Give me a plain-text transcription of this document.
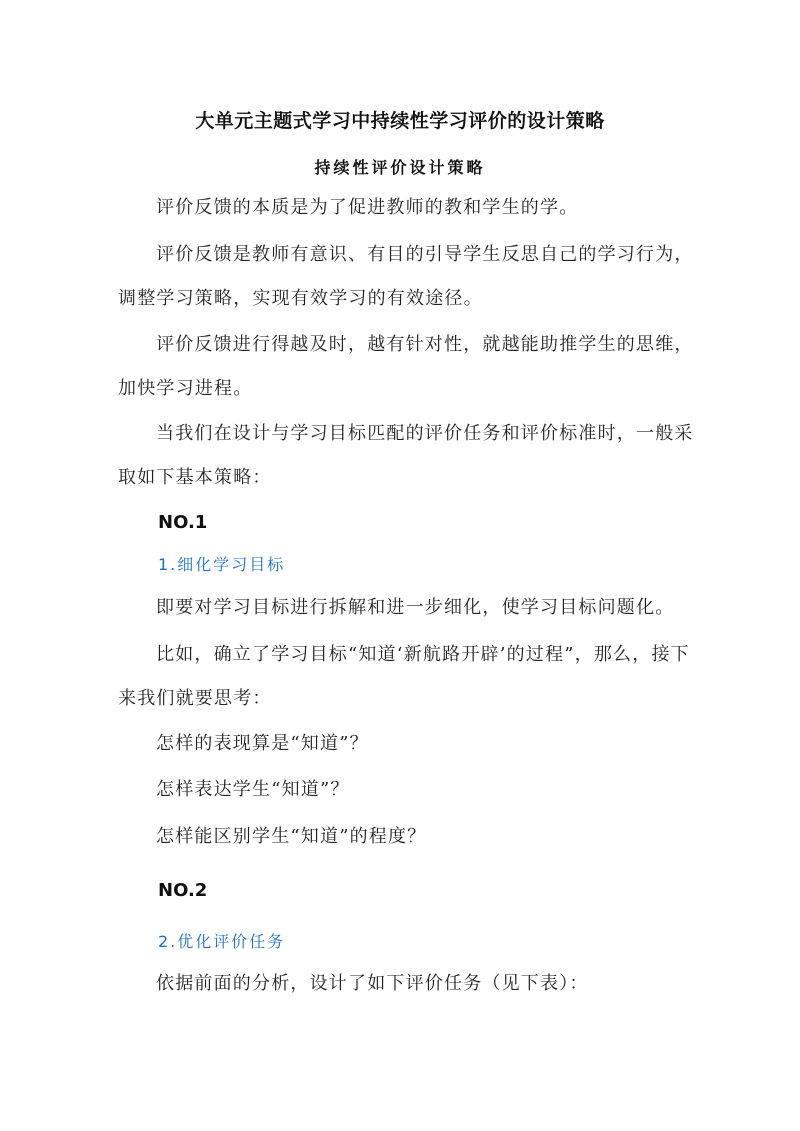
大单元主题式学习中持续性学习评价的设计策略
持续性评价设计策略
评价反馈的本质是为了促进教师的教和学生的学。
评价反馈是教师有意识、有目的引导学生反思自己的学习行为，调整学习策略，实现有效学习的有效途径。
评价反馈进行得越及时，越有针对性，就越能助推学生的思维，加快学习进程。
当我们在设计与学习目标匹配的评价任务和评价标准时，一般采取如下基本策略：
NO.1
1.细化学习目标
即要对学习目标进行拆解和进一步细化，使学习目标问题化。
比如，确立了学习目标“知道‘新航路开辟’的过程”，那么，接下来我们就要思考：
怎样的表现算是“知道”？
怎样表达学生“知道”？
怎样能区别学生“知道”的程度？
NO.2
2.优化评价任务
依据前面的分析，设计了如下评价任务（见下表）：
